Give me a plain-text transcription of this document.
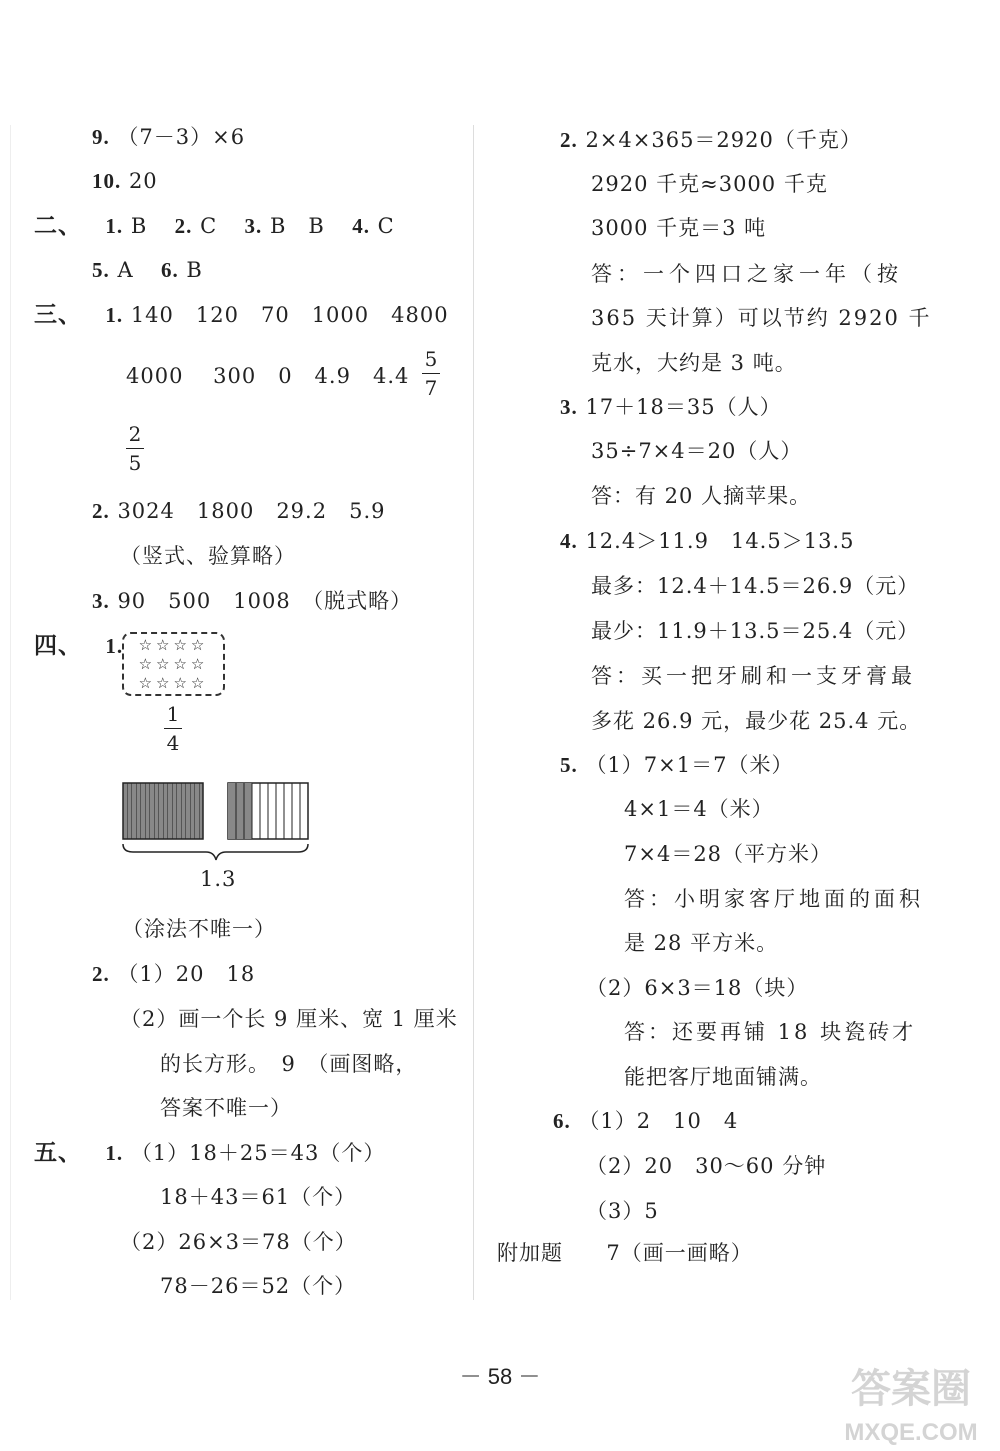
9. （7－3）×6
10. 20
二、 1. B 2. C 3. B　B 4. C
5. A 6. B
三、 1. 140　120　70　1000　4800
4000　 300　0　4.9　4.4
5
7
2
5
2. 3024　1800　29.2　5.9
（竖式、验算略）
3. 90　500　1008　（脱式略）
四、 1.	☆☆☆☆
☆☆☆☆
☆☆☆☆
1
4
1.3
（涂法不唯一）
2. （1）20　18
（2）画一个长 9 厘米、宽 1 厘米
的长方形。　9　（画图略，
答案不唯一）
五、 1. （1）18＋25＝43（个）
18＋43＝61（个）
（2）26×3＝78（个）
78－26＝52（个）
2. 2×4×365＝2920（千克）
2920 千克≈3000 千克
3000 千克＝3 吨
答：一个四口之家一年（按
365 天计算）可以节约 2920 千
克水，大约是 3 吨。
3. 17＋18＝35（人）
35÷7×4＝20（人）
答：有 20 人摘苹果。
4. 12.4＞11.9　14.5＞13.5
最多：12.4＋14.5＝26.9（元）
最少：11.9＋13.5＝25.4（元）
答：买一把牙刷和一支牙膏最
多花 26.9 元，最少花 25.4 元。
5. （1）7×1＝7（米）
4×1＝4（米）
7×4＝28（平方米）
答：小明家客厅地面的面积
是 28 平方米。
（2）6×3＝18（块）
答：还要再铺 18 块瓷砖才
能把客厅地面铺满。
6. （1）2　10　4
（2）20　30～60 分钟
（3）5
附加题 7（画一画略）
－ 58 －	答案圈
MXQE.COM
